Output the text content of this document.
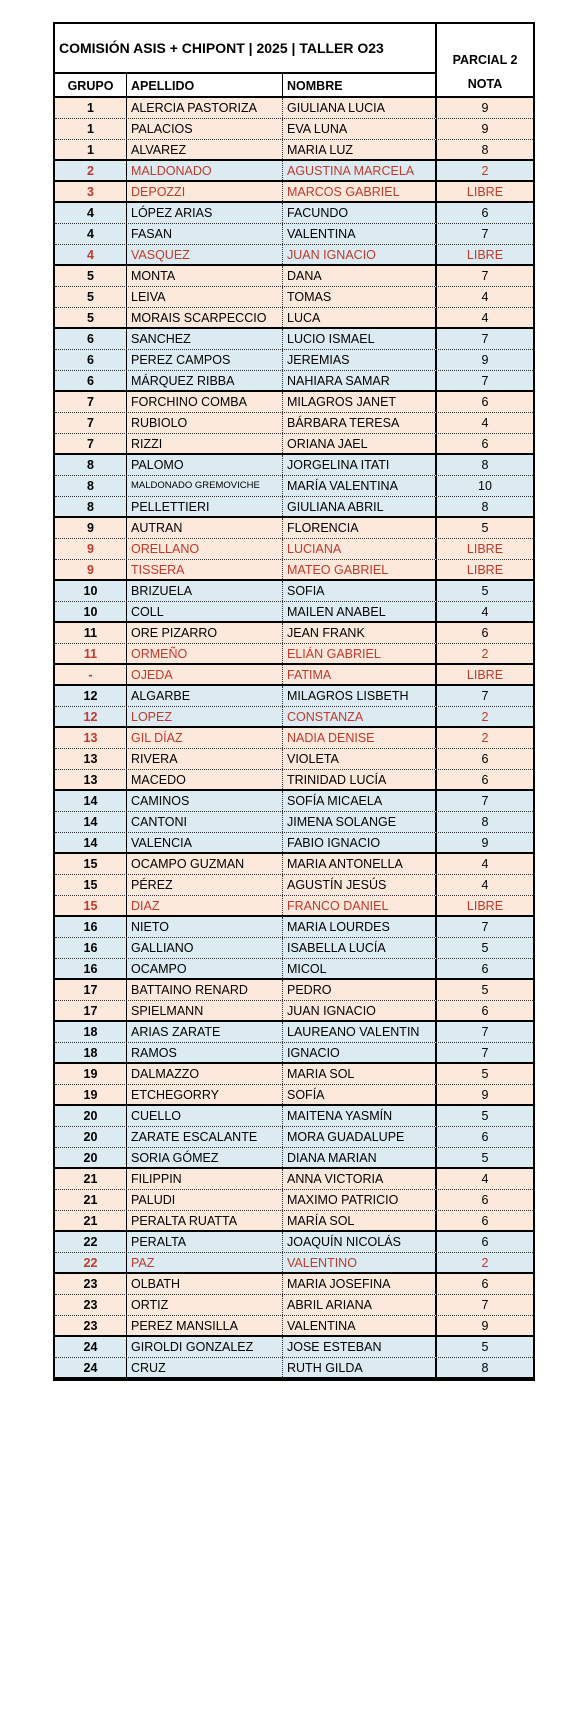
COMISIÓN ASIS + CHIPONT | 2025 | TALLER O23
GRUPO	APELLIDO	NOMBRE
PARCIAL 2
NOTA
1	ALERCIA PASTORIZA	GIULIANA LUCIA	9
1	PALACIOS	EVA LUNA	9
1	ALVAREZ	MARIA LUZ	8
2	MALDONADO	AGUSTINA MARCELA	2
3	DEPOZZI	MARCOS GABRIEL	LIBRE
4	LÓPEZ ARIAS	FACUNDO	6
4	FASAN	VALENTINA	7
4	VASQUEZ	JUAN IGNACIO	LIBRE
5	MONTA	DANA	7
5	LEIVA	TOMAS	4
5	MORAIS SCARPECCIO	LUCA	4
6	SANCHEZ	LUCIO ISMAEL	7
6	PEREZ CAMPOS	JEREMIAS	9
6	MÁRQUEZ RIBBA	NAHIARA SAMAR	7
7	FORCHINO COMBA	MILAGROS JANET	6
7	RUBIOLO	BÁRBARA TERESA	4
7	RIZZI	ORIANA JAEL	6
8	PALOMO	JORGELINA ITATI	8
8	MALDONADO GREMOVICHE	MARÍA VALENTINA	10
8	PELLETTIERI	GIULIANA ABRIL	8
9	AUTRAN	FLORENCIA	5
9	ORELLANO	LUCIANA	LIBRE
9	TISSERA	MATEO GABRIEL	LIBRE
10	BRIZUELA	SOFIA	5
10	COLL	MAILEN ANABEL	4
11	ORE PIZARRO	JEAN FRANK	6
11	ORMEÑO	ELIÁN GABRIEL	2
-	OJEDA	FATIMA	LIBRE
12	ALGARBE	MILAGROS LISBETH	7
12	LOPEZ	CONSTANZA	2
13	GIL DÍAZ	NADIA DENISE	2
13	RIVERA	VIOLETA	6
13	MACEDO	TRINIDAD LUCÍA	6
14	CAMINOS	SOFÍA MICAELA	7
14	CANTONI	JIMENA SOLANGE	8
14	VALENCIA	FABIO IGNACIO	9
15	OCAMPO GUZMAN	MARIA ANTONELLA	4
15	PÉREZ	AGUSTÍN JESÚS	4
15	DIAZ	FRANCO DANIEL	LIBRE
16	NIETO	MARIA LOURDES	7
16	GALLIANO	ISABELLA LUCÍA	5
16	OCAMPO	MICOL	6
17	BATTAINO RENARD	PEDRO	5
17	SPIELMANN	JUAN IGNACIO	6
18	ARIAS ZARATE	LAUREANO VALENTIN	7
18	RAMOS	IGNACIO	7
19	DALMAZZO	MARIA SOL	5
19	ETCHEGORRY	SOFÍA	9
20	CUELLO	MAITENA YASMÍN	5
20	ZARATE ESCALANTE	MORA GUADALUPE	6
20	SORIA GÓMEZ	DIANA MARIAN	5
21	FILIPPIN	ANNA VICTORIA	4
21	PALUDI	MAXIMO PATRICIO	6
21	PERALTA RUATTA	MARÍA SOL	6
22	PERALTA	JOAQUÍN NICOLÁS	6
22	PAZ	VALENTINO	2
23	OLBATH	MARIA JOSEFINA	6
23	ORTIZ	ABRIL ARIANA	7
23	PEREZ MANSILLA	VALENTINA	9
24	GIROLDI GONZALEZ	JOSE ESTEBAN	5
24	CRUZ	RUTH GILDA	8
